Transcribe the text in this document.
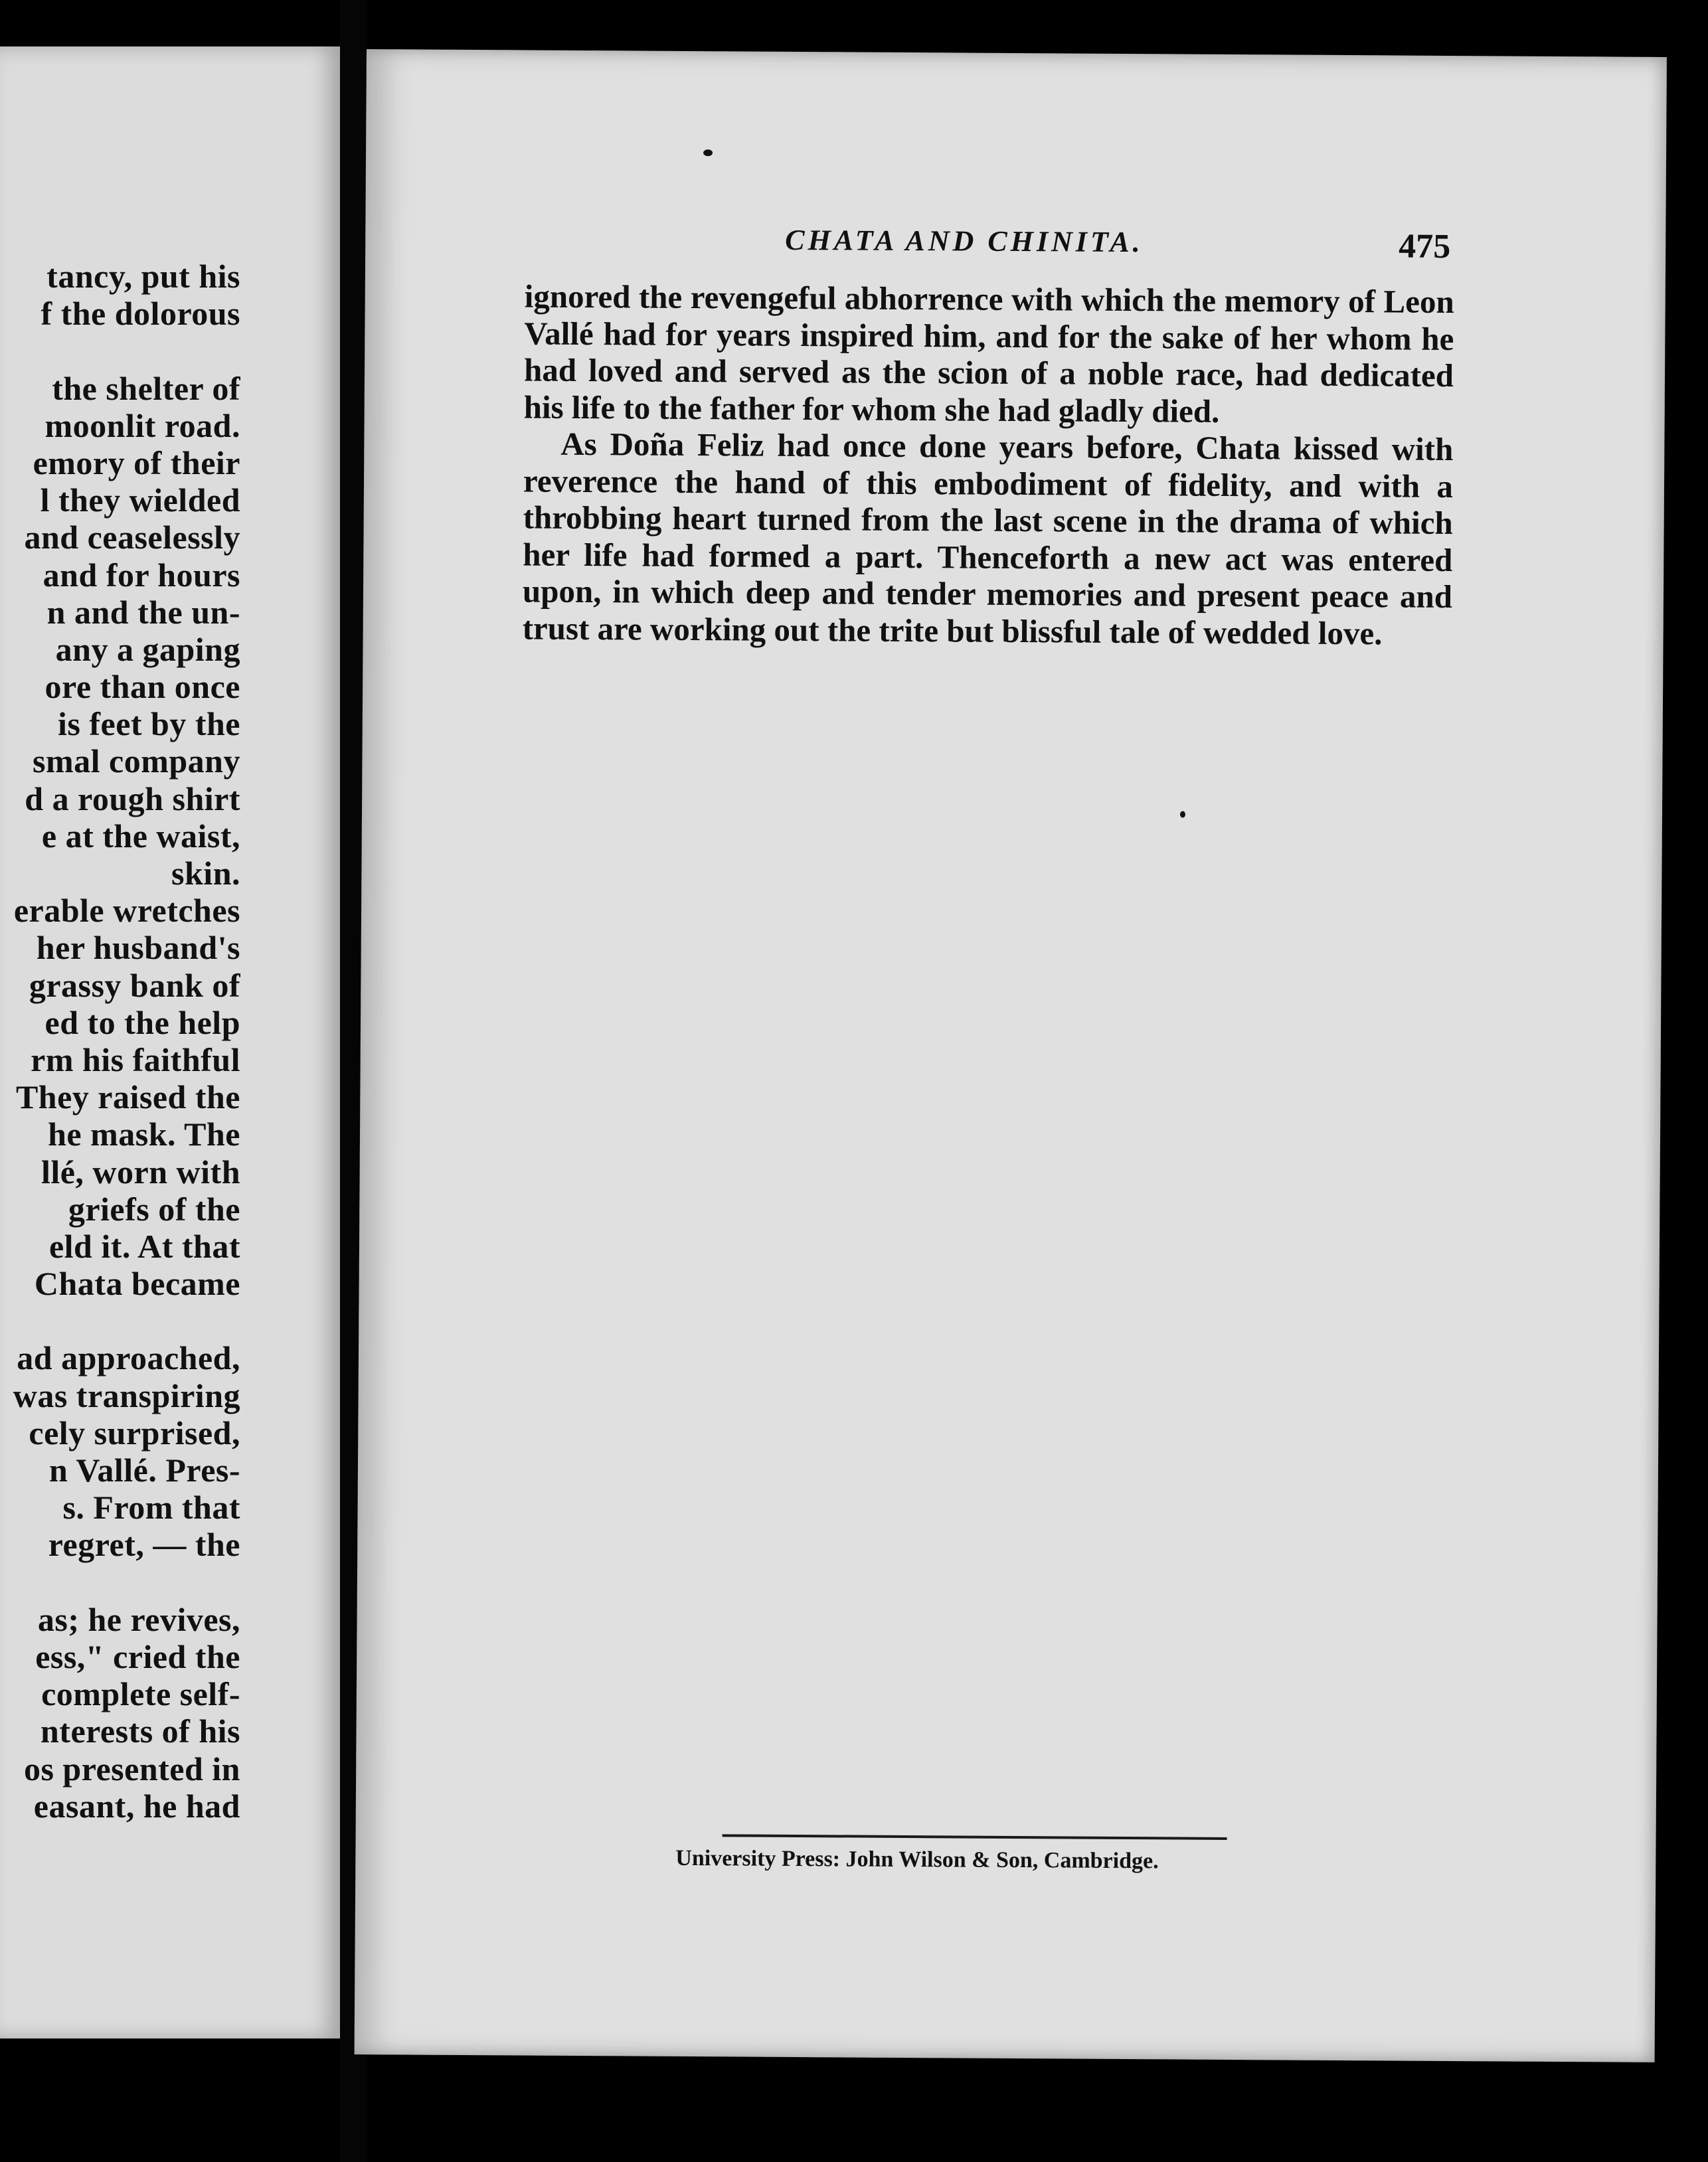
tancy, put his
f the dolorous
the shelter of
moonlit road.
emory of their
l they wielded
and ceaselessly
and for hours
n and the un-
any a gaping
ore than once
is feet by the
smal company
d a rough shirt
e at the waist,
skin.
erable wretches
her husband's
grassy bank of
ed to the help
rm his faithful
They raised the
he mask. The
llé, worn with
griefs of the
eld it. At that
Chata became
ad approached,
was transpiring
cely surprised,
n Vallé. Pres-
s. From that
regret, — the
as; he revives,
ess," cried the
complete self-
nterests of his
os presented in
easant, he had
CHATA AND CHINITA.	475

ignored the revengeful abhorrence with which the memory of Leon Vallé had for years inspired him, and for the sake of her whom he had loved and served as the scion of a noble race, had dedicated his life to the father for whom she had gladly died.

As Doña Feliz had once done years before, Chata kissed with reverence the hand of this embodiment of fidelity, and with a throbbing heart turned from the last scene in the drama of which her life had formed a part. Thenceforth a new act was entered upon, in which deep and tender memories and present peace and trust are working out the trite but blissful tale of wedded love.

University Press: John Wilson & Son, Cambridge.
